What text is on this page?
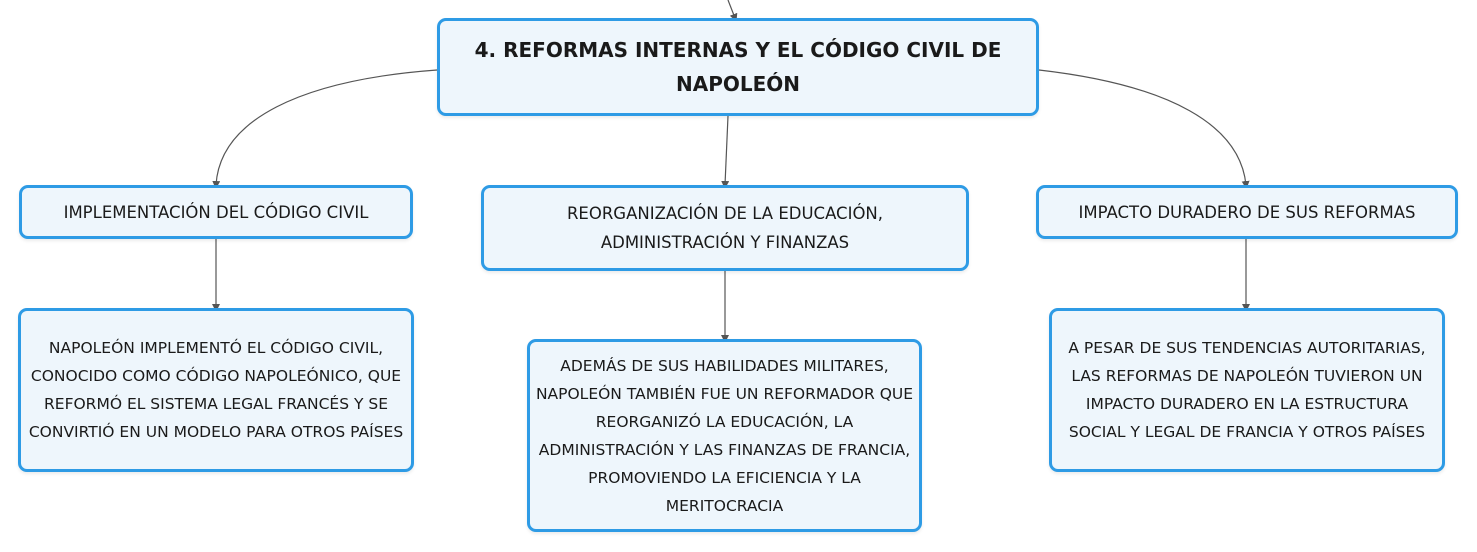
4. REFORMAS INTERNAS Y EL CÓDIGO CIVIL DE NAPOLEÓN
IMPLEMENTACIÓN DEL CÓDIGO CIVIL	REORGANIZACIÓN DE LA EDUCACIÓN, ADMINISTRACIÓN Y FINANZAS
IMPACTO DURADERO DE SUS REFORMAS
NAPOLEÓN IMPLEMENTÓ EL CÓDIGO CIVIL, CONOCIDO COMO CÓDIGO NAPOLEÓNICO, QUE REFORMÓ EL SISTEMA LEGAL FRANCÉS Y SE CONVIRTIÓ EN UN MODELO PARA OTROS PAÍSES
ADEMÁS DE SUS HABILIDADES MILITARES, NAPOLEÓN TAMBIÉN FUE UN REFORMADOR QUE REORGANIZÓ LA EDUCACIÓN, LA ADMINISTRACIÓN Y LAS FINANZAS DE FRANCIA, PROMOVIENDO LA EFICIENCIA Y LA MERITOCRACIA
A PESAR DE SUS TENDENCIAS AUTORITARIAS, LAS REFORMAS DE NAPOLEÓN TUVIERON UN IMPACTO DURADERO EN LA ESTRUCTURA SOCIAL Y LEGAL DE FRANCIA Y OTROS PAÍSES
